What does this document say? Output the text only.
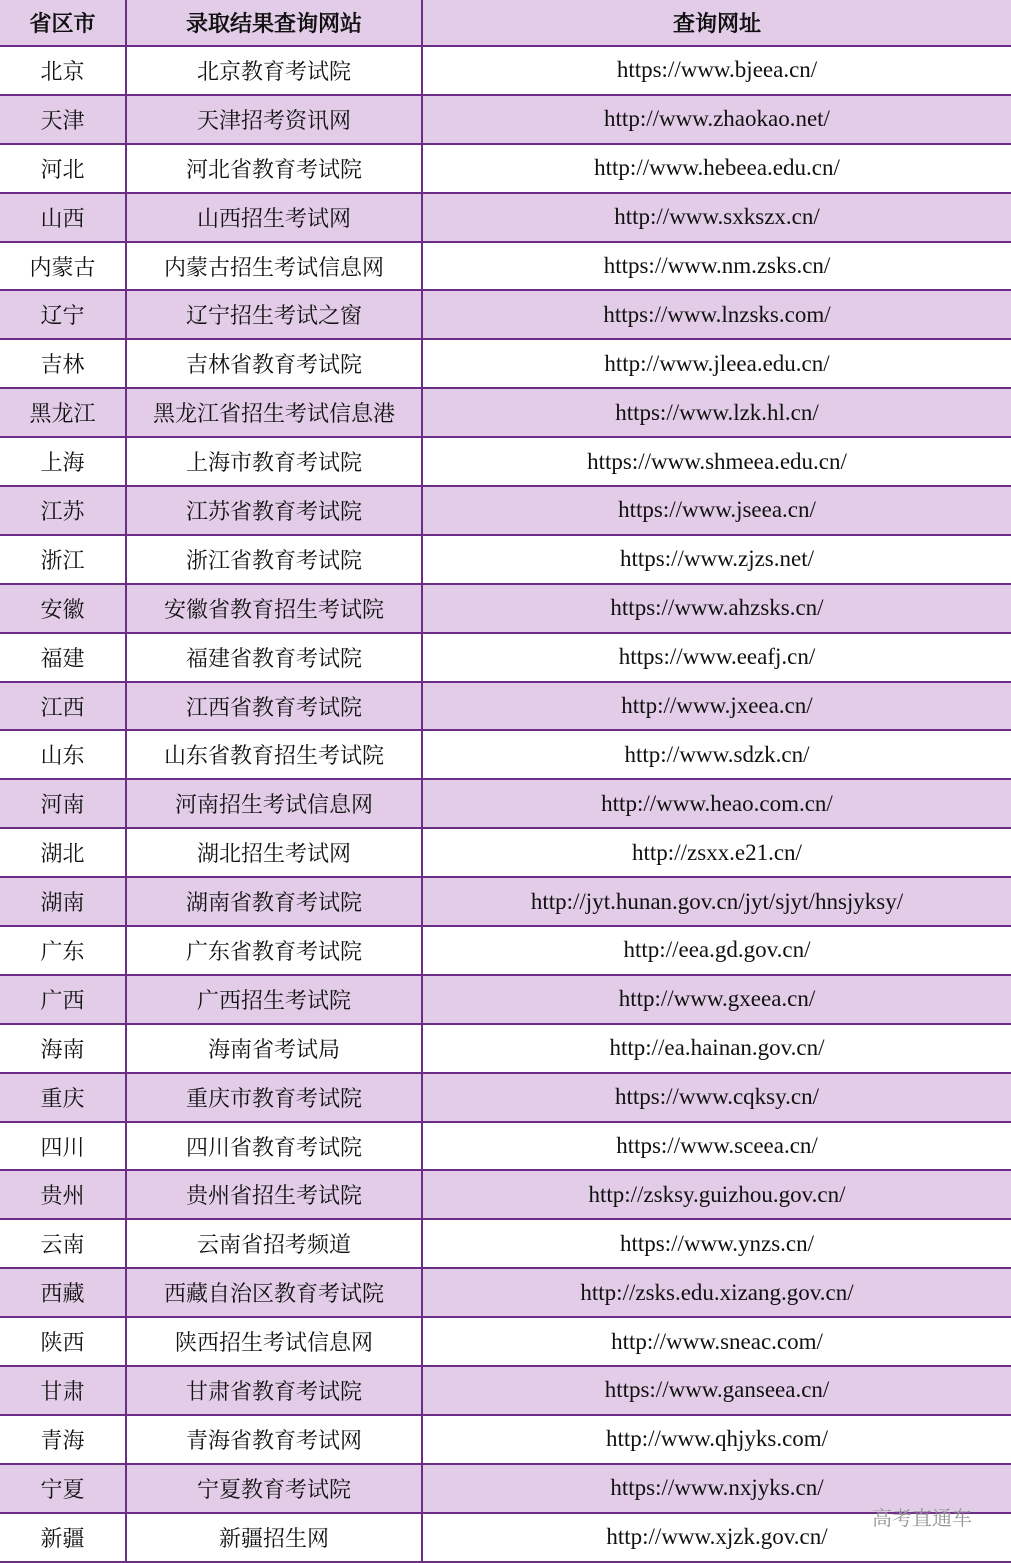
省区市	录取结果查询网站	查询网址
北京	北京教育考试院	https://www.bjeea.cn/
天津	天津招考资讯网	http://www.zhaokao.net/
河北	河北省教育考试院	http://www.hebeea.edu.cn/
山西	山西招生考试网	http://www.sxkszx.cn/
内蒙古	内蒙古招生考试信息网	https://www.nm.zsks.cn/
辽宁	辽宁招生考试之窗	https://www.lnzsks.com/
吉林	吉林省教育考试院	http://www.jleea.edu.cn/
黑龙江	黑龙江省招生考试信息港	https://www.lzk.hl.cn/
上海	上海市教育考试院	https://www.shmeea.edu.cn/
江苏	江苏省教育考试院	https://www.jseea.cn/
浙江	浙江省教育考试院	https://www.zjzs.net/
安徽	安徽省教育招生考试院	https://www.ahzsks.cn/
福建	福建省教育考试院	https://www.eeafj.cn/
江西	江西省教育考试院	http://www.jxeea.cn/
山东	山东省教育招生考试院	http://www.sdzk.cn/
河南	河南招生考试信息网	http://www.heao.com.cn/
湖北	湖北招生考试网	http://zsxx.e21.cn/
湖南	湖南省教育考试院	http://jyt.hunan.gov.cn/jyt/sjyt/hnsjyksy/
广东	广东省教育考试院	http://eea.gd.gov.cn/
广西	广西招生考试院	http://www.gxeea.cn/
海南	海南省考试局	http://ea.hainan.gov.cn/
重庆	重庆市教育考试院	https://www.cqksy.cn/
四川	四川省教育考试院	https://www.sceea.cn/
贵州	贵州省招生考试院	http://zsksy.guizhou.gov.cn/
云南	云南省招考频道	https://www.ynzs.cn/
西藏	西藏自治区教育考试院	http://zsks.edu.xizang.gov.cn/
陕西	陕西招生考试信息网	http://www.sneac.com/
甘肃	甘肃省教育考试院	https://www.ganseea.cn/
青海	青海省教育考试网	http://www.qhjyks.com/
宁夏	宁夏教育考试院	https://www.nxjyks.cn/
新疆	新疆招生网	http://www.xjzk.gov.cn/
高考直通车
